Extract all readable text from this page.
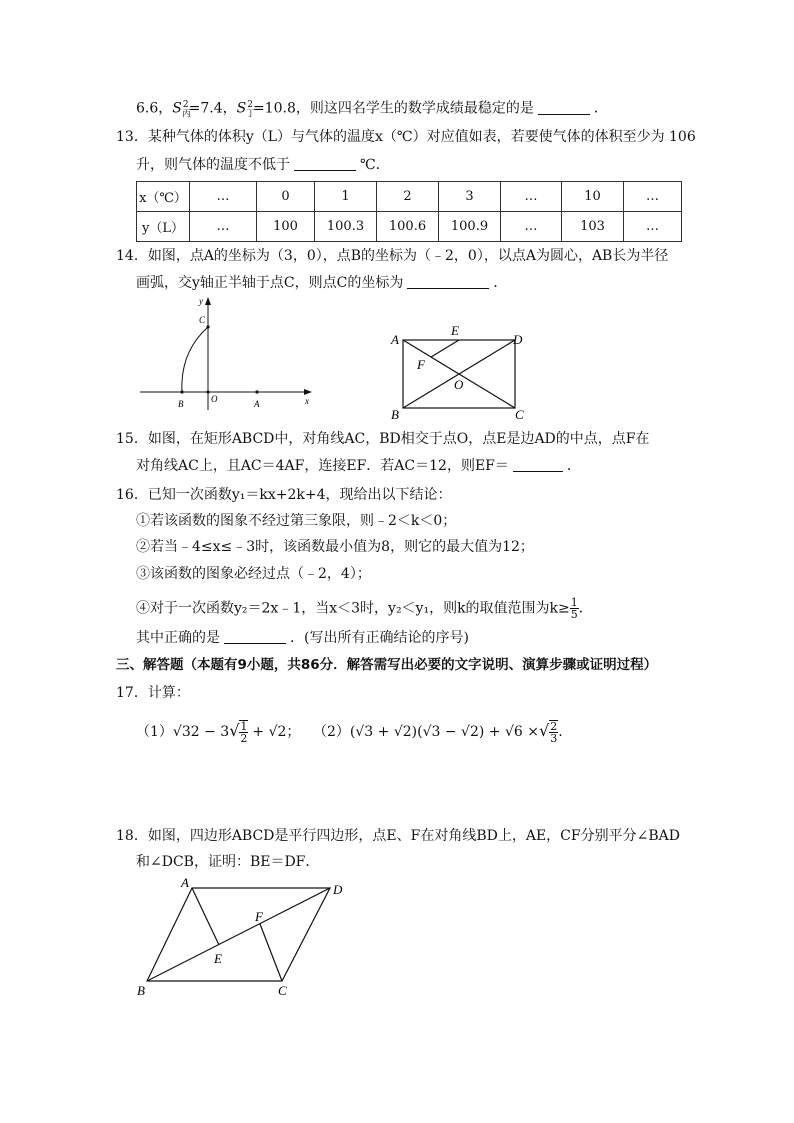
6.6，$S_丙^2=7.4$，$S_丁^2=10.8$，则这四名学生的数学成绩最稳定的是	．
13．某种气体的体积y（L）与气体的温度x（℃）对应值如表，若要使气体的体积至少为 106
升，则气体的温度不低于	℃．
x（℃）	…	0	1	2	3	…	10	…
y（L）	…	100	100.3	100.6	100.9	…	103	…
14．如图，点A的坐标为（3，0），点B的坐标为（﹣2，0），以点A为圆心，AB长为半径
画弧，交y轴正半轴于点C，则点C的坐标为	．
y
x
C
B	O	A
A
E
D
F
O
B	C
15．如图，在矩形ABCD中，对角线AC，BD相交于点O，点E是边AD的中点，点F在
对角线AC上，且AC＝4AF，连接EF．若AC＝12，则EF＝	．
16．已知一次函数y₁＝kx+2k+4，现给出以下结论：
①若该函数的图象不经过第三象限，则﹣2＜k＜0；
②若当﹣4≤x≤﹣3时，该函数最小值为8，则它的最大值为12；
③该函数的图象必经过点（﹣2，4）；
④对于一次函数y₂＝2x﹣1，当x＜3时，y₂＜y₁，则k的取值范围为$k\ge \frac{1}{5}$ ．
其中正确的是	．(写出所有正确结论的序号)
三、解答题（本题有9小题，共86分．解答需写出必要的文字说明、演算步骤或证明过程）
17．计算：
$(1)√32 - 3√ \frac{1}{2} + √2$； （2）(√3 + √2)(√3 − √2) + √6 ×√ $\frac{2}{3}$ .
18．如图，四边形ABCD是平行四边形，点E、F在对角线BD上，AE，CF分别平分∠BAD
和∠DCB，证明：BE＝DF．
A	D
F
E
B	C
